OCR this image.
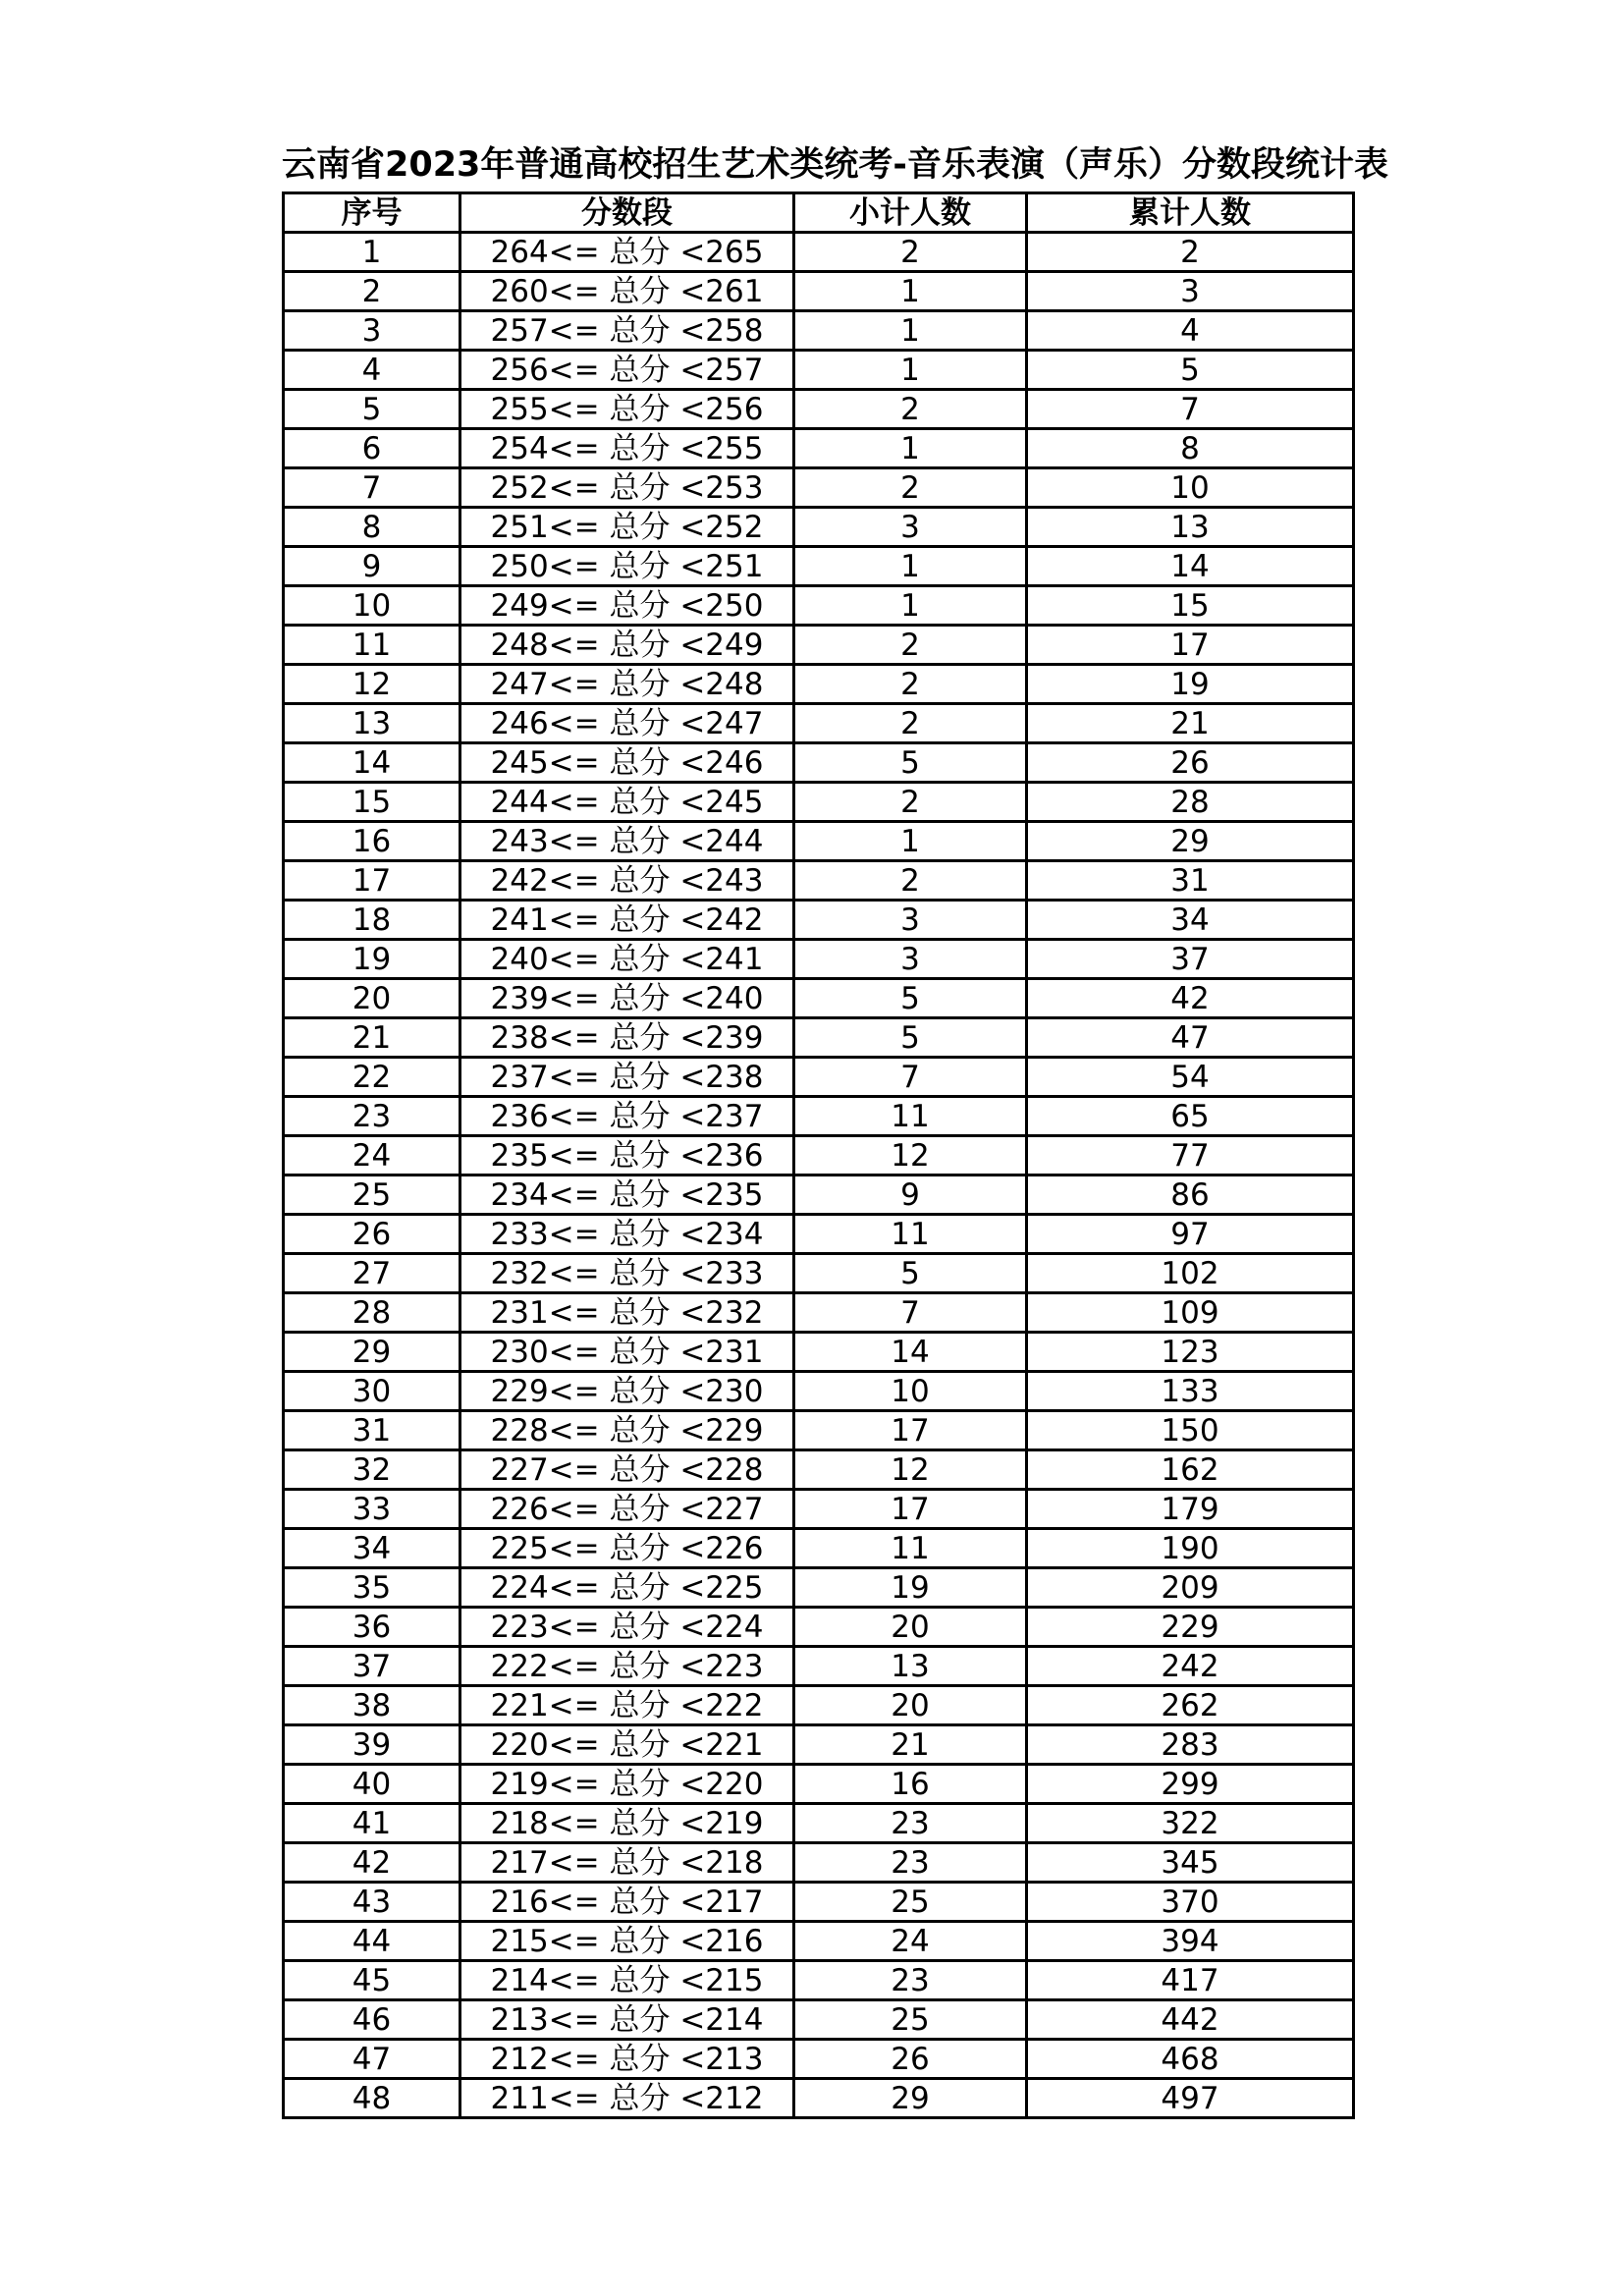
云南省2023年普通高校招生艺术类统考-音乐表演（声乐）分数段统计表
序号	分数段	小计人数	累计人数
1	264<= 总分 <265	2	2
2	260<= 总分 <261	1	3
3	257<= 总分 <258	1	4
4	256<= 总分 <257	1	5
5	255<= 总分 <256	2	7
6	254<= 总分 <255	1	8
7	252<= 总分 <253	2	10
8	251<= 总分 <252	3	13
9	250<= 总分 <251	1	14
10	249<= 总分 <250	1	15
11	248<= 总分 <249	2	17
12	247<= 总分 <248	2	19
13	246<= 总分 <247	2	21
14	245<= 总分 <246	5	26
15	244<= 总分 <245	2	28
16	243<= 总分 <244	1	29
17	242<= 总分 <243	2	31
18	241<= 总分 <242	3	34
19	240<= 总分 <241	3	37
20	239<= 总分 <240	5	42
21	238<= 总分 <239	5	47
22	237<= 总分 <238	7	54
23	236<= 总分 <237	11	65
24	235<= 总分 <236	12	77
25	234<= 总分 <235	9	86
26	233<= 总分 <234	11	97
27	232<= 总分 <233	5	102
28	231<= 总分 <232	7	109
29	230<= 总分 <231	14	123
30	229<= 总分 <230	10	133
31	228<= 总分 <229	17	150
32	227<= 总分 <228	12	162
33	226<= 总分 <227	17	179
34	225<= 总分 <226	11	190
35	224<= 总分 <225	19	209
36	223<= 总分 <224	20	229
37	222<= 总分 <223	13	242
38	221<= 总分 <222	20	262
39	220<= 总分 <221	21	283
40	219<= 总分 <220	16	299
41	218<= 总分 <219	23	322
42	217<= 总分 <218	23	345
43	216<= 总分 <217	25	370
44	215<= 总分 <216	24	394
45	214<= 总分 <215	23	417
46	213<= 总分 <214	25	442
47	212<= 总分 <213	26	468
48	211<= 总分 <212	29	497
